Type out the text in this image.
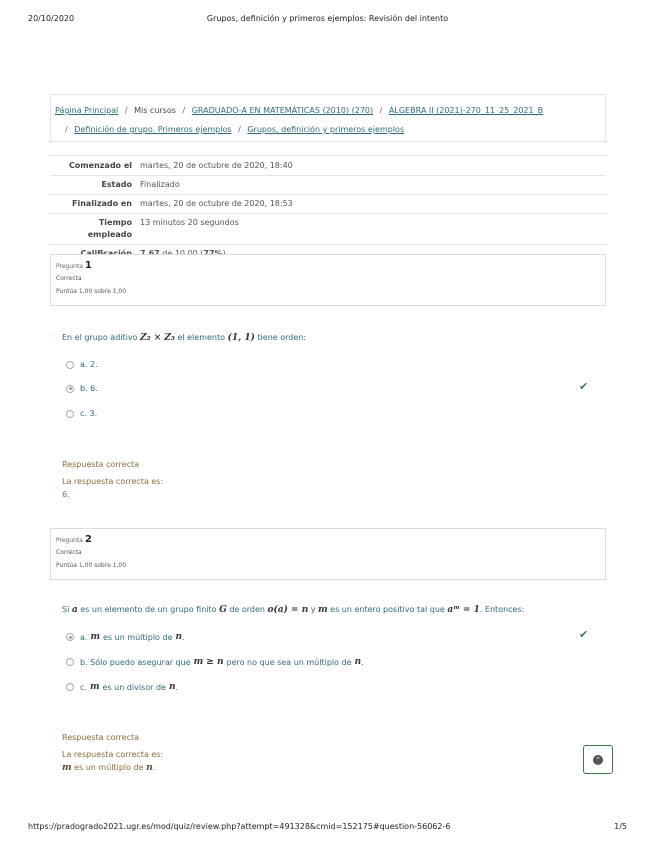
20/10/2020	Grupos, definición y primeros ejemplos: Revisión del intento
Página Principal / Mis cursos / GRADUADO-A EN MATEMÁTICAS (2010) (270) / ÁLGEBRA II (2021)-270_11_25_2021_B
/ Definición de grupo. Primeros ejemplos / Grupos, definición y primeros ejemplos
Comenzado el	martes, 20 de octubre de 2020, 18:40
Estado	Finalizado
Finalizado en	martes, 20 de octubre de 2020, 18:53
Tiempo
empleado	13 minutos 20 segundos

Pregunta 1
Correcta
Puntúa 1,00 sobre 1,00
En el grupo aditivo Z₂ × Z₃ el elemento (1, 1) tiene orden:
a. 2.
b. 6.	✔
c. 3.
Respuesta correcta
La respuesta correcta es:
6.
Pregunta 2
Correcta
Puntúa 1,00 sobre 1,00
Si a es un elemento de un grupo finito G de orden o(a) = n y m es un entero positivo tal que aᵐ = 1. Entonces:
a. m es un múltiplo de n .	✔
b. Sólo puedo asegurar que m ≥ n pero no que sea un múltiplo de n .
c. m es un divisor de n .
Respuesta correcta
La respuesta correcta es:
m es un múltiplo de n.
⌃
https://pradogrado2021.ugr.es/mod/quiz/review.php?attempt=491328&cmid=152175#question-56062-6	1/5
